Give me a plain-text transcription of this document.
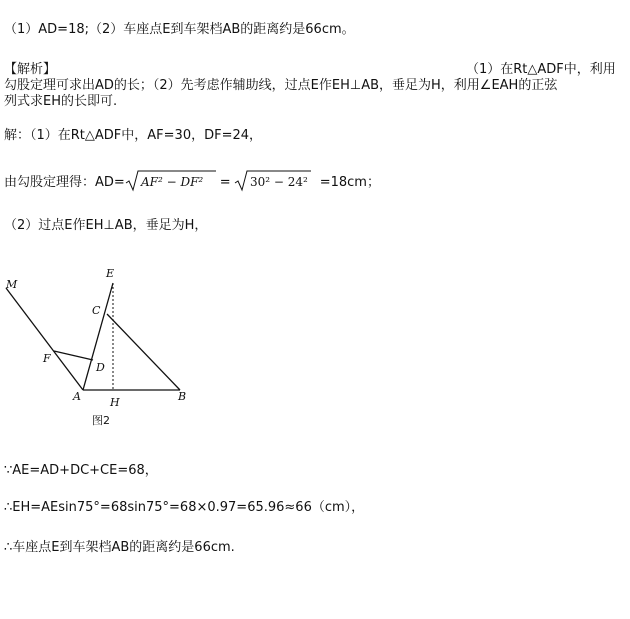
（1）AD=18;（2）车座点E到车架档AB的距离约是66cm。
【解析】	（1）在Rt△ADF中，利用
勾股定理可求出AD的长；（2）先考虑作辅助线，过点E作EH⊥AB，垂足为H，利用∠EAH的正弦
列式求EH的长即可.
解：（1）在Rt△ADF中，AF=30，DF=24，
由勾股定理得：AD= AF² − DF² = 30² − 24² =18cm；
（2）过点E作EH⊥AB，垂足为H，
M
E
C
F
D
A	H	B
图2
∵AE=AD+DC+CE=68，
∴EH=AEsin75°=68sin75°=68×0.97=65.96≈66（cm），
∴车座点E到车架档AB的距离约是66cm.
